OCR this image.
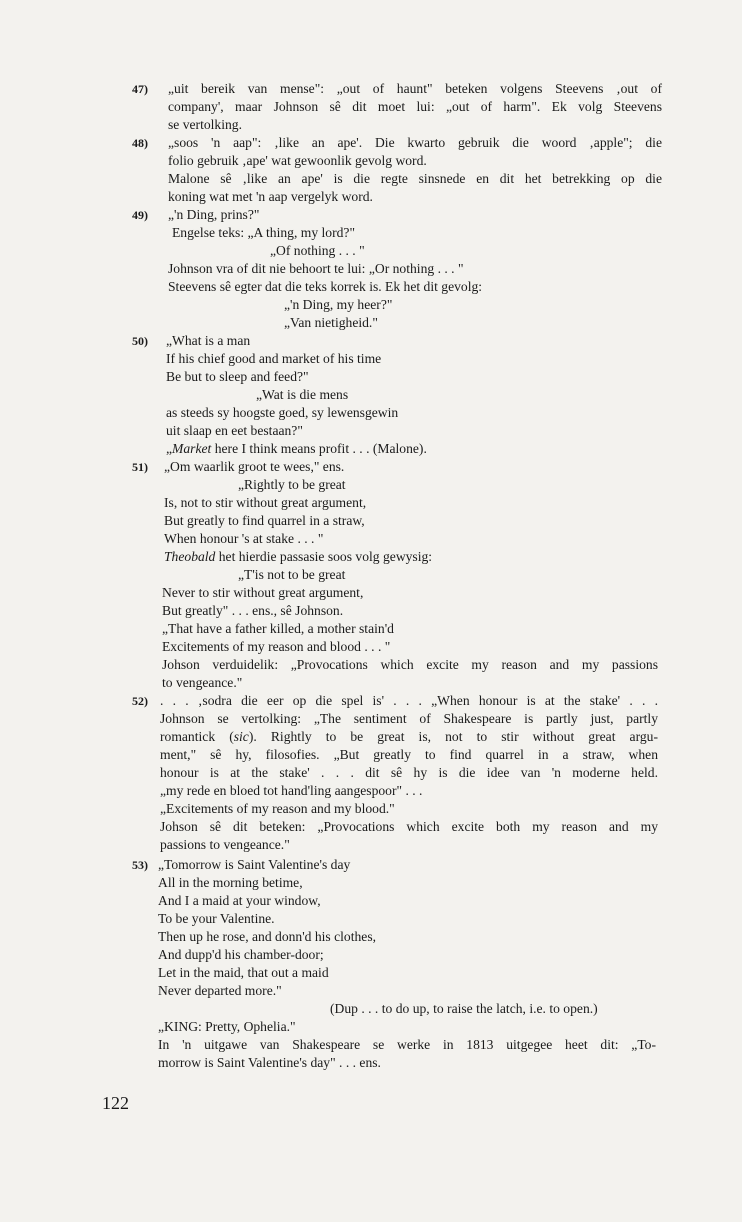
47) „uit bereik van mense": „out of haunt" beteken volgens Steevens ‚out of
company', maar Johnson sê dit moet lui: „out of harm". Ek volg Steevens
se vertolking.
48) „soos 'n aap": ‚like an ape'. Die kwarto gebruik die woord ‚apple"; die
folio gebruik ‚ape' wat gewoonlik gevolg word.
Malone sê ‚like an ape' is die regte sinsnede en dit het betrekking op die
koning wat met 'n aap vergelyk word.
49) „'n Ding, prins?"
Engelse teks: „A thing, my lord?"
„Of nothing . . . "
Johnson vra of dit nie behoort te lui: „Or nothing . . . "
Steevens sê egter dat die teks korrek is. Ek het dit gevolg:
„'n Ding, my heer?"
„Van nietigheid."
50) „What is a man
If his chief good and market of his time
Be but to sleep and feed?"
„Wat is die mens
as steeds sy hoogste goed, sy lewensgewin
uit slaap en eet bestaan?"
„Market here I think means profit . . . (Malone).
51) „Om waarlik groot te wees," ens.
„Rightly to be great
Is, not to stir without great argument,
But greatly to find quarrel in a straw,
When honour 's at stake . . . "
Theobald het hierdie passasie soos volg gewysig:
„T'is not to be great
Never to stir without great argument,
But greatly" . . . ens., sê Johnson.
„That have a father killed, a mother stain'd
Excitements of my reason and blood . . . "
Johson verduidelik: „Provocations which excite my reason and my passions
to vengeance."
52) . . . ‚sodra die eer op die spel is' . . . „When honour is at the stake' . . .
Johnson se vertolking: „The sentiment of Shakespeare is partly just, partly
romantick (sic). Rightly to be great is, not to stir without great argu-
ment," sê hy, filosofies. „But greatly to find quarrel in a straw, when
honour is at the stake' . . . dit sê hy is die idee van 'n moderne held.
„my rede en bloed tot hand'ling aangespoor" . . .
„Excitements of my reason and my blood."
Johson sê dit beteken: „Provocations which excite both my reason and my
passions to vengeance."
53) „Tomorrow is Saint Valentine's day
All in the morning betime,
And I a maid at your window,
To be your Valentine.
Then up he rose, and donn'd his clothes,
And dupp'd his chamber-door;
Let in the maid, that out a maid
Never departed more."
(Dup . . . to do up, to raise the latch, i.e. to open.)
„KING: Pretty, Ophelia."
In 'n uitgawe van Shakespeare se werke in 1813 uitgegee heet dit: „To-
morrow is Saint Valentine's day" . . . ens.
122
